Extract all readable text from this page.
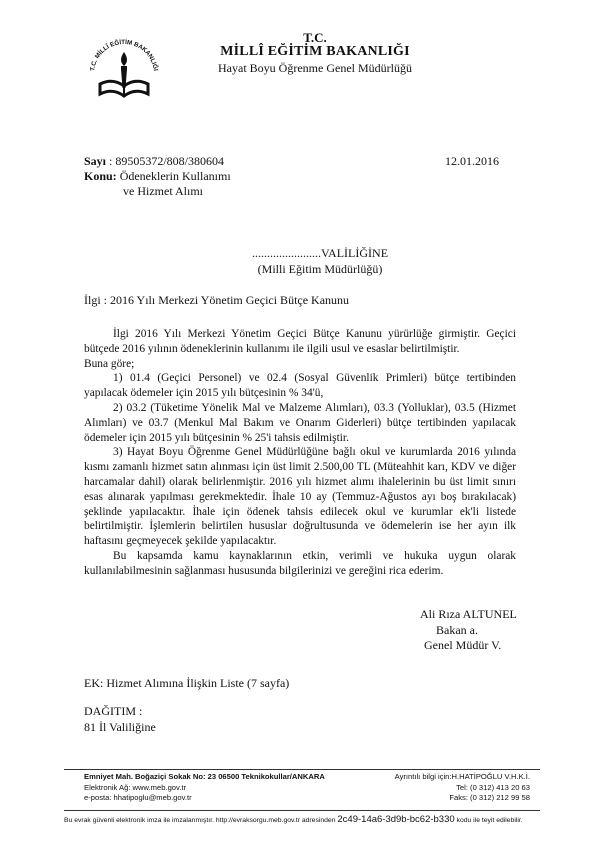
T.C. MİLLÎ EĞİTİM BAKANLIĞI
T.C.
MİLLÎ EĞİTİM BAKANLIĞI
Hayat Boyu Öğrenme Genel Müdürlüğü
Sayı : 89505372/808/380604	12.01.2016
Konu: Ödeneklerin Kullanımı
ve Hizmet Alımı
.......................VALİLİĞİNE
(Milli Eğitim Müdürlüğü)
İlgi : 2016 Yılı Merkezi Yönetim Geçici Bütçe Kanunu

İlgi 2016 Yılı Merkezi Yönetim Geçici Bütçe Kanunu yürürlüğe girmiştir. Geçici bütçede 2016 yılının ödeneklerinin kullanımı ile ilgili usul ve esaslar belirtilmiştir.

Buna göre;

1) 01.4 (Geçici Personel) ve 02.4 (Sosyal Güvenlik Primleri) bütçe tertibinden yapılacak ödemeler için 2015 yılı bütçesinin % 34'ü,

2) 03.2 (Tüketime Yönelik Mal ve Malzeme Alımları), 03.3 (Yolluklar), 03.5 (Hizmet Alımları) ve 03.7 (Menkul Mal Bakım ve Onarım Giderleri) bütçe tertibinden yapılacak ödemeler için 2015 yılı bütçesinin % 25'i tahsis edilmiştir.

3) Hayat Boyu Öğrenme Genel Müdürlüğüne bağlı okul ve kurumlarda 2016 yılında kısmı zamanlı hizmet satın alınması için üst limit 2.500,00 TL (Müteahhit karı, KDV ve diğer harcamalar dahil) olarak belirlenmiştir. 2016 yılı hizmet alımı ihalelerinin bu üst limit sınırı esas alınarak yapılması gerekmektedir. İhale 10 ay (Temmuz-Ağustos ayı boş bırakılacak) şeklinde yapılacaktır. İhale için ödenek tahsis edilecek okul ve kurumlar ek'li listede belirtilmiştir. İşlemlerin belirtilen hususlar doğrultusunda ve ödemelerin ise her ayın ilk haftasını geçmeyecek şekilde yapılacaktır.

Bu kapsamda kamu kaynaklarının etkin, verimli ve hukuka uygun olarak kullanılabilmesinin sağlanması hususunda bilgilerinizi ve gereğini rica ederim.

Ali Rıza ALTUNEL
Bakan a.
Genel Müdür V.
EK: Hizmet Alımına İlişkin Liste (7 sayfa)
DAĞITIM :
81 İl Valiliğine
Emniyet Mah. Boğaziçi Sokak No: 23 06500 Teknikokullar/ANKARA
Elektronik Ağ: www.meb.gov.tr
e-posta: hhatipoglu@meb.gov.tr
Ayrıntılı bilgi için:H.HATİPOĞLU V.H.K.İ.
Tel: (0 312) 413 20 63
Faks: (0 312) 212 99 58
Bu evrak güvenli elektronik imza ile imzalanmıştır. http://evraksorgu.meb.gov.tr adresinden 2c49-14a6-3d9b-bc62-b330 kodu ile teyit edilebilir.
